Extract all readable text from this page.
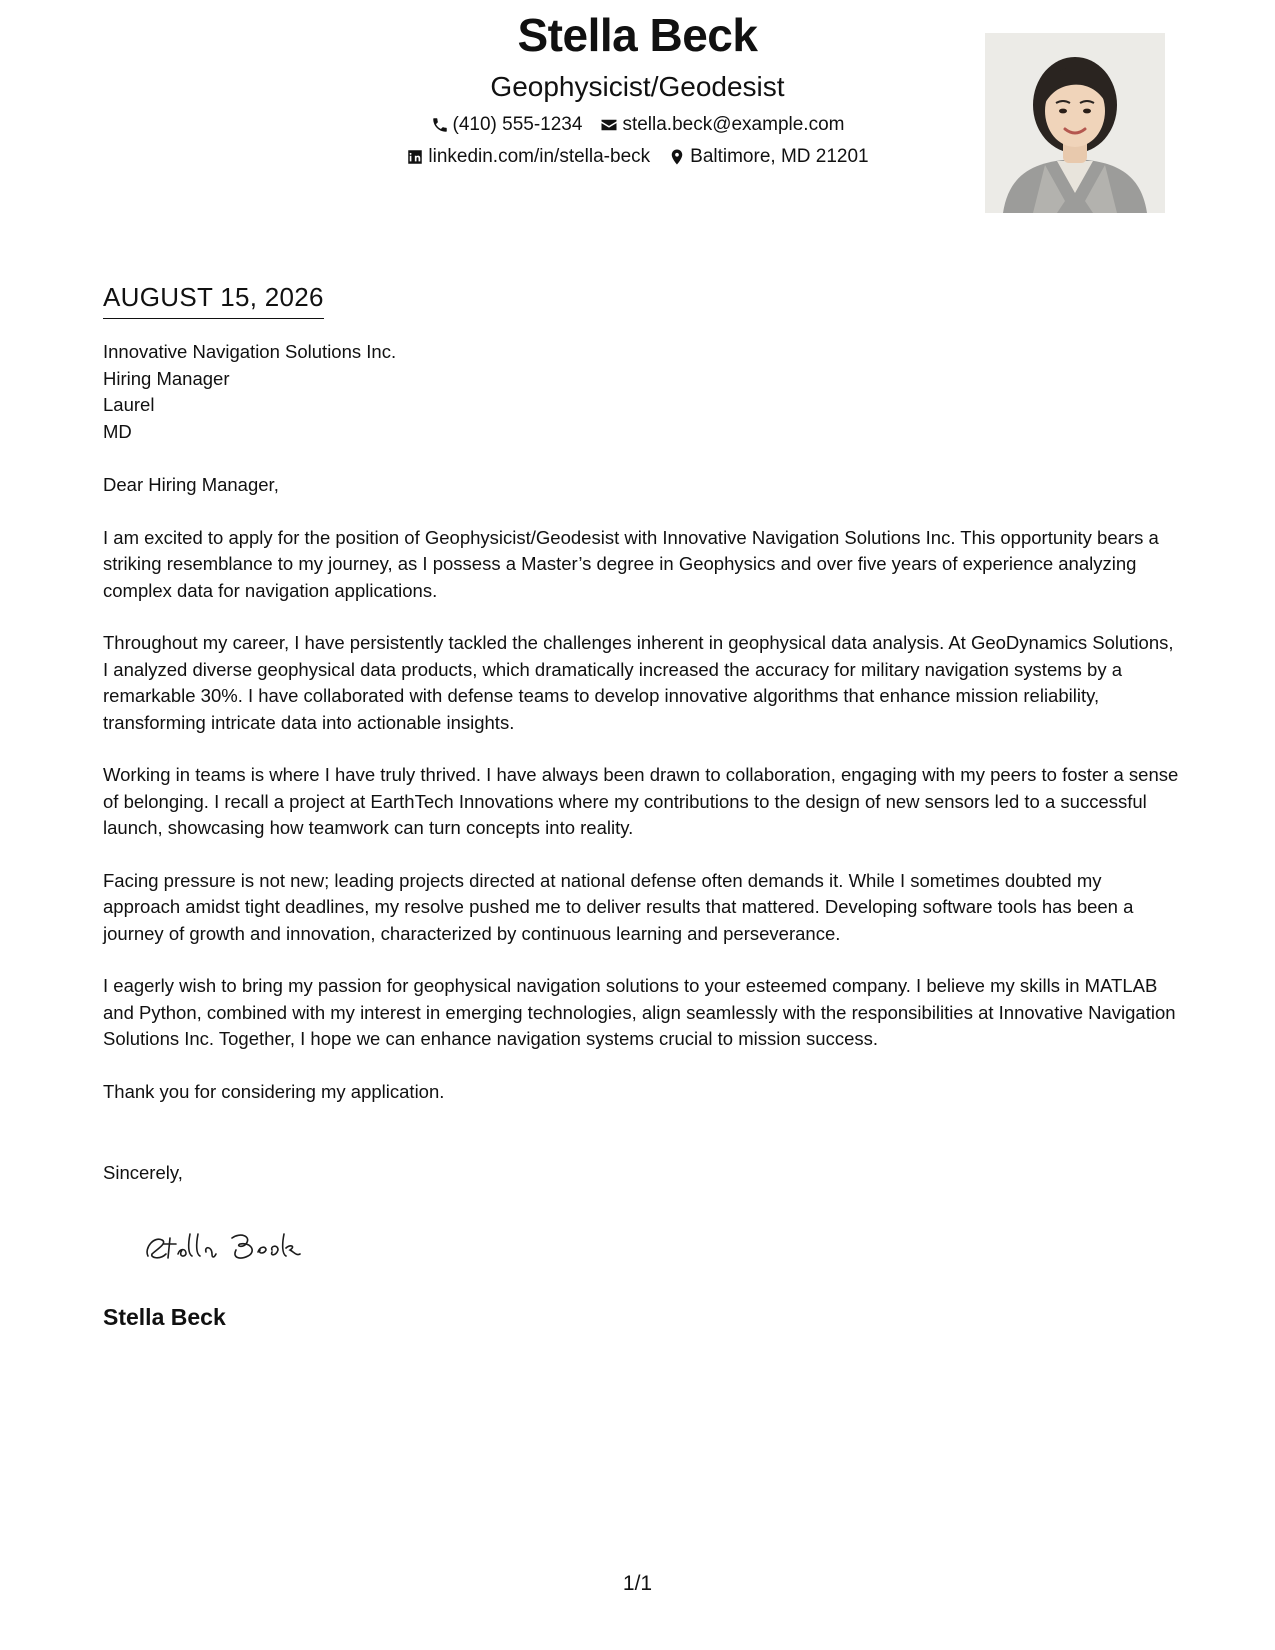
Stella Beck
Geophysicist/Geodesist
(410) 555-1234 stella.beck@example.com
linkedin.com/in/stella-beck Baltimore, MD 21201
AUGUST 15, 2026
Innovative Navigation Solutions Inc.
Hiring Manager
Laurel
MD

Dear Hiring Manager,

I am excited to apply for the position of Geophysicist/Geodesist with Innovative Navigation Solutions Inc. This opportunity bears a striking resemblance to my journey, as I possess a Master’s degree in Geophysics and over five years of experience analyzing complex data for navigation applications.

Throughout my career, I have persistently tackled the challenges inherent in geophysical data analysis. At GeoDynamics Solutions, I analyzed diverse geophysical data products, which dramatically increased the accuracy for military navigation systems by a remarkable 30%. I have collaborated with defense teams to develop innovative algorithms that enhance mission reliability, transforming intricate data into actionable insights.

Working in teams is where I have truly thrived. I have always been drawn to collaboration, engaging with my peers to foster a sense of belonging. I recall a project at EarthTech Innovations where my contributions to the design of new sensors led to a successful launch, showcasing how teamwork can turn concepts into reality.

Facing pressure is not new; leading projects directed at national defense often demands it. While I sometimes doubted my approach amidst tight deadlines, my resolve pushed me to deliver results that mattered. Developing software tools has been a journey of growth and innovation, characterized by continuous learning and perseverance.

I eagerly wish to bring my passion for geophysical navigation solutions to your esteemed company. I believe my skills in MATLAB and Python, combined with my interest in emerging technologies, align seamlessly with the responsibilities at Innovative Navigation Solutions Inc. Together, I hope we can enhance navigation systems crucial to mission success.

Thank you for considering my application.

Sincerely,
Stella Beck
1/1
